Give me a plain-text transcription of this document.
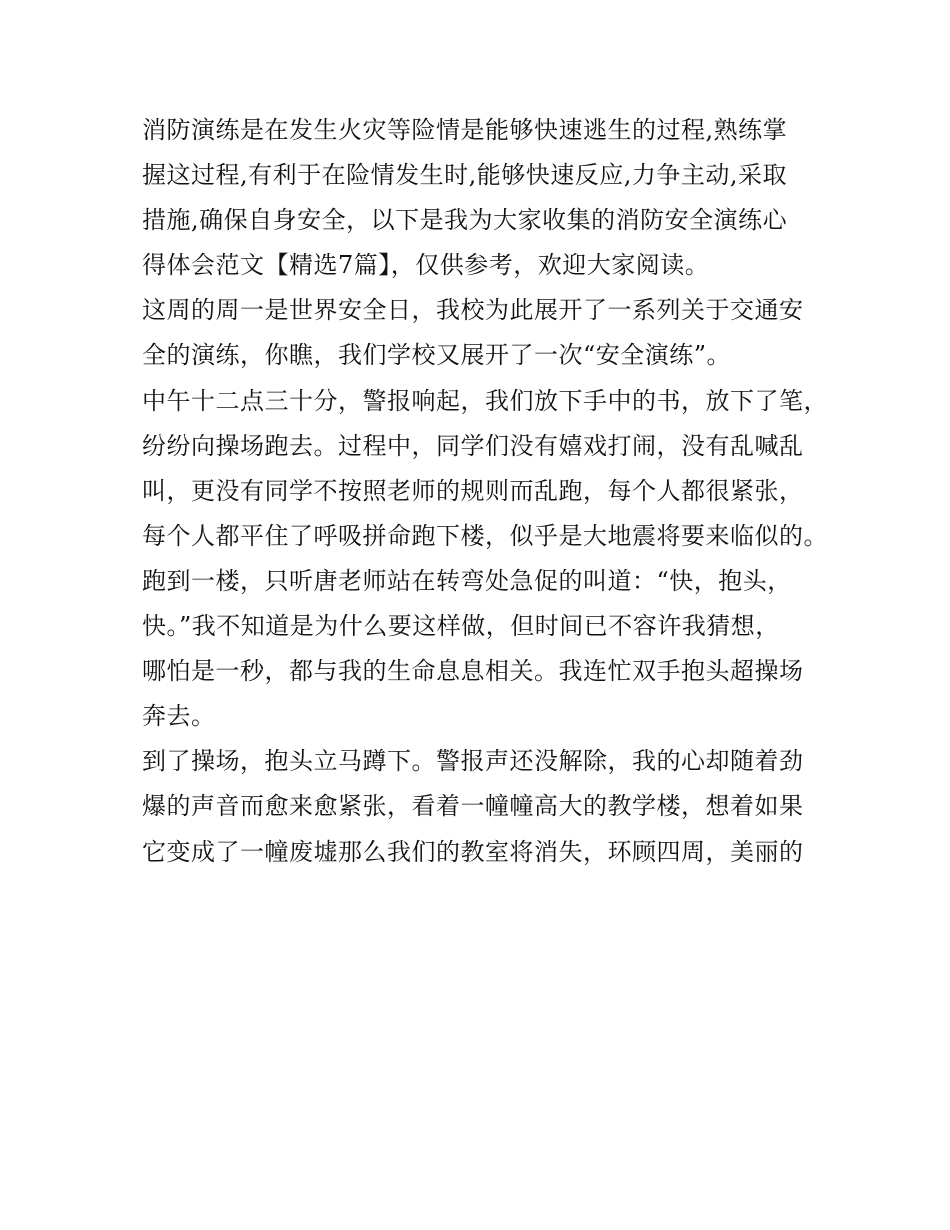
消防演练是在发生火灾等险情是能够快速逃生的过程,熟练掌
握这过程,有利于在险情发生时,能够快速反应,力争主动,采取
措施,确保自身安全，以下是我为大家收集的消防安全演练心
得体会范文【精选7篇】，仅供参考，欢迎大家阅读。
这周的周一是世界安全日，我校为此展开了一系列关于交通安
全的演练，你瞧，我们学校又展开了一次“安全演练”。
中午十二点三十分，警报响起，我们放下手中的书，放下了笔，
纷纷向操场跑去。过程中，同学们没有嬉戏打闹，没有乱喊乱
叫，更没有同学不按照老师的规则而乱跑，每个人都很紧张，
每个人都平住了呼吸拼命跑下楼，似乎是大地震将要来临似的。
跑到一楼，只听唐老师站在转弯处急促的叫道：“快，抱头，
快。”我不知道是为什么要这样做，但时间已不容许我猜想，
哪怕是一秒，都与我的生命息息相关。我连忙双手抱头超操场
奔去。
到了操场，抱头立马蹲下。警报声还没解除，我的心却随着劲
爆的声音而愈来愈紧张，看着一幢幢高大的教学楼，想着如果
它变成了一幢废墟那么我们的教室将消失，环顾四周，美丽的
